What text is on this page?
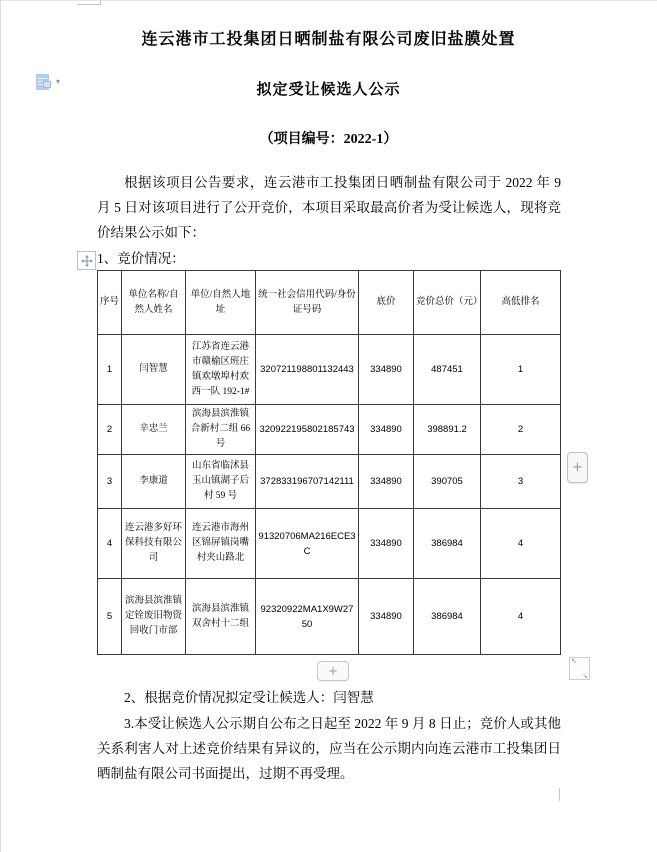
连云港市工投集团日晒制盐有限公司废旧盐膜处置
拟定受让候选人公示
（项目编号：2022-1）
▾

根据该项目公告要求，连云港市工投集团日晒制盐有限公司于 2022 年 9 月 5 日对该项目进行了公开竞价，本项目采取最高价者为受让候选人，现将竞价结果公示如下：

1、竞价情况：
序号	单位名称/自然人姓名	单位/自然人地址	统一社会信用代码/身份证号码	底价	竞价总价（元）	高低排名
1	闫智慧	江苏省连云港市赣榆区班庄镇欢墩埠村欢西一队 192-1#	320721198801132443	334890	487451	1
2	辛忠兰	滨海县滨淮镇合新村二组 66 号	320922195802185743	334890	398891.2	2
3	李康道	山东省临沭县玉山镇湖子后村 59 号	372833196707142111	334890	390705	3
4	连云港多好环保科技有限公司	连云港市海州区锦屏镇岗嘴村夹山路北	91320706MA216ECE3C	334890	386984	4
5	滨海县滨淮镇定铨废旧物资回收门市部	滨海县滨淮镇双舍村十二组	92320922MA1X9W2750	334890	386984	4
+
+
↖
↘

2、根据竞价情况拟定受让候选人：闫智慧

3.本受让候选人公示期自公布之日起至 2022 年 9 月 8 日止；竞价人或其他关系利害人对上述竞价结果有异议的，应当在公示期内向连云港市工投集团日晒制盐有限公司书面提出，过期不再受理。
